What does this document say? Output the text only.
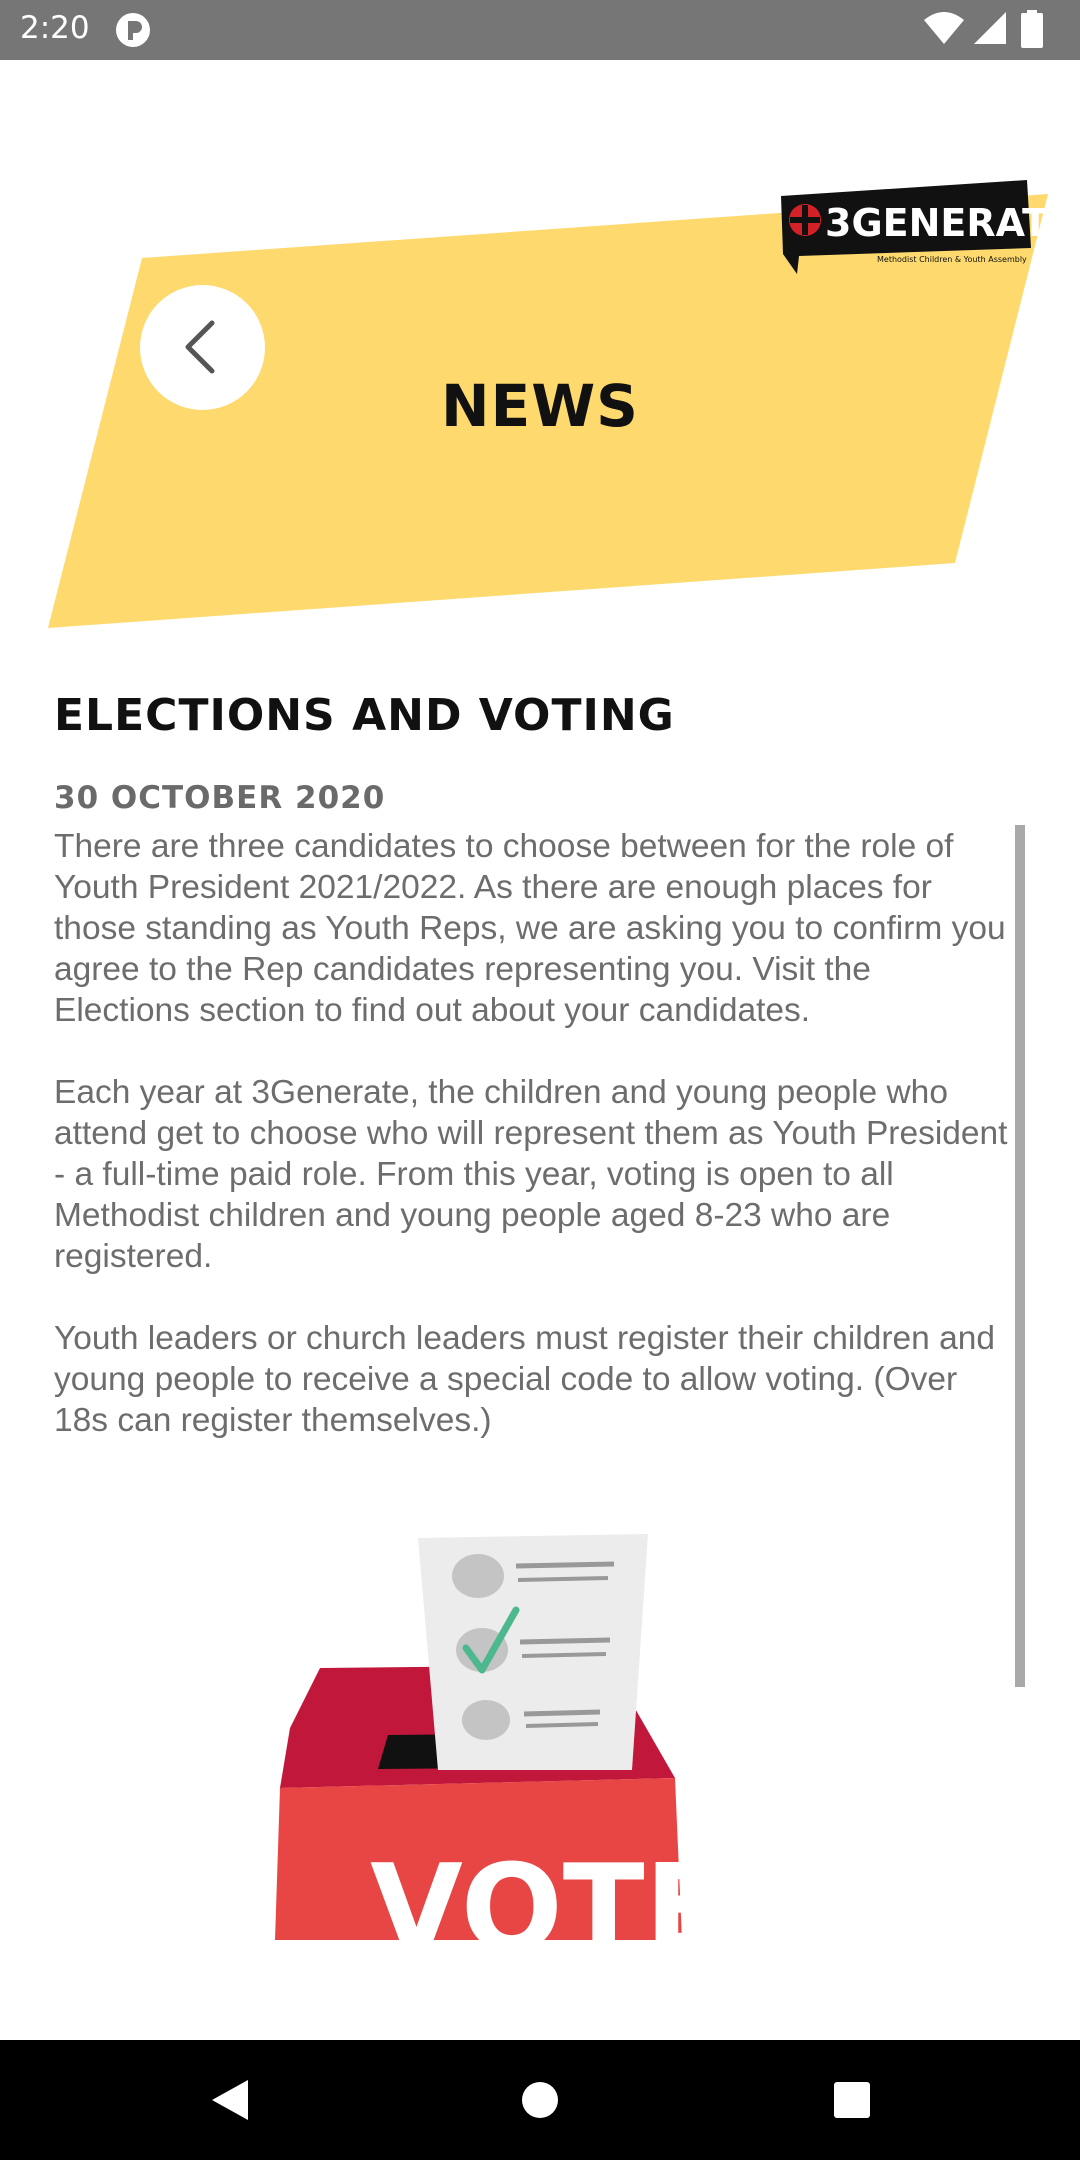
2:20
3GENERATE
Methodist Children & Youth Assembly
NEWS
ELECTIONS AND VOTING
30 OCTOBER 2020

There are three candidates to choose between for the role of Youth President 2021/2022. As there are enough places for those standing as Youth Reps, we are asking you to confirm you agree to the Rep candidates representing you. Visit the Elections section to find out about your candidates.

Each year at 3Generate, the children and young people who attend get to choose who will represent them as Youth President - a full-time paid role. From this year, voting is open to all Methodist children and young people aged 8-23 who are registered.

Youth leaders or church leaders must register their children and young people to receive a special code to allow voting. (Over 18s can register themselves.)

VOTE
